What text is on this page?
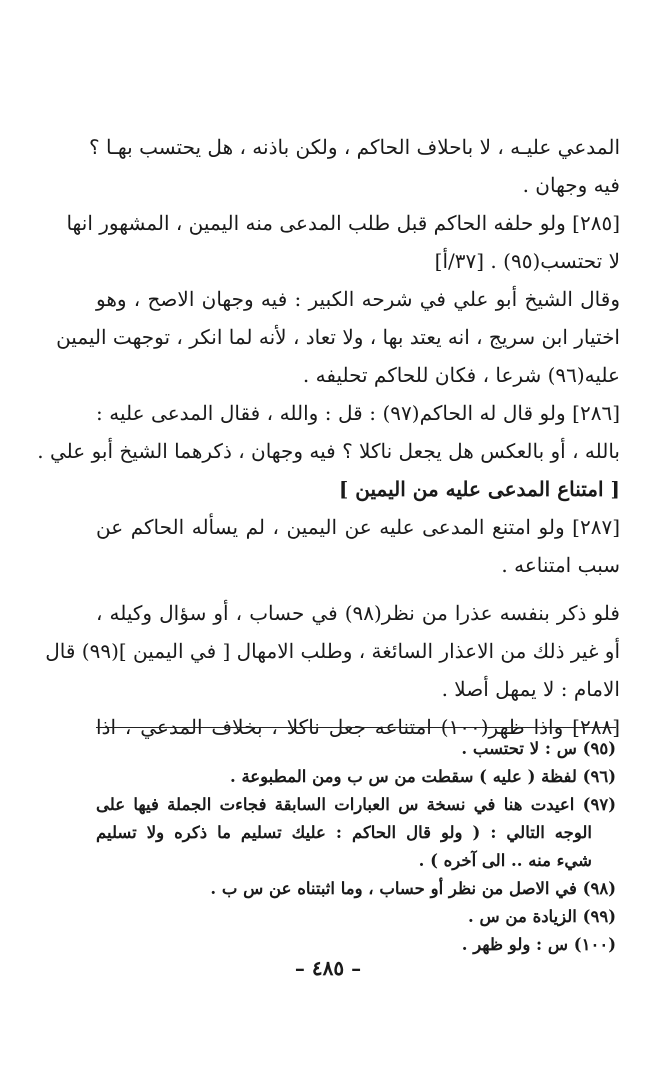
المدعي عليـه ، لا باحلاف الحاكم ، ولكن باذنه ، هل يحتسب بهـا ؟
فيه وجهان .
[٢٨٥] ولو حلفه الحاكم قبل طلب المدعى منه اليمين ، المشهور انها
لا تحتسب(٩٥) . [٣٧/أ]
وقال الشيخ أبو علي في شرحه الكبير : فيه وجهان الاصح ، وهو
اختيار ابن سريج ، انه يعتد بها ، ولا تعاد ، لأنه لما انكر ، توجهت اليمين
عليه(٩٦) شرعا ، فكان للحاكم تحليفه .
[٢٨٦] ولو قال له الحاكم(٩٧) : قل : والله ، فقال المدعى عليه :
بالله ، أو بالعكس هل يجعل ناكلا ؟ فيه وجهان ، ذكرهما الشيخ أبو علي .
[ امتناع المدعى عليه من اليمين ]
[٢٨٧] ولو امتنع المدعى عليه عن اليمين ، لم يسأله الحاكم عن
سبب امتناعه .
فلو ذكر بنفسه عذرا من نظر(٩٨) في حساب ، أو سؤال وكيله ،
أو غير ذلك من الاعذار السائغة ، وطلب الامهال [ في اليمين ](٩٩) قال
الامام : لا يمهل أصلا .
[٢٨٨] واذا ظهر(١٠٠) امتناعه جعل ناكلا ، بخلاف المدعي ، اذا
(٩٥) س : لا تحتسب .
(٩٦) لفظة ( عليه ) سقطت من س ب ومن المطبوعة .
(٩٧) اعيدت هنا في نسخة س العبارات السابقة فجاءت الجملة فيها على
الوجه التالي : ( ولو قال الحاكم : عليك تسليم ما ذكره ولا تسليم
شيء منه .. الى آخره ) .
(٩٨) في الاصل من نظر أو حساب ، وما اثبتناه عن س ب .
(٩٩) الزيادة من س .
(١٠٠) س : ولو ظهر .
– ٤٨٥ –
